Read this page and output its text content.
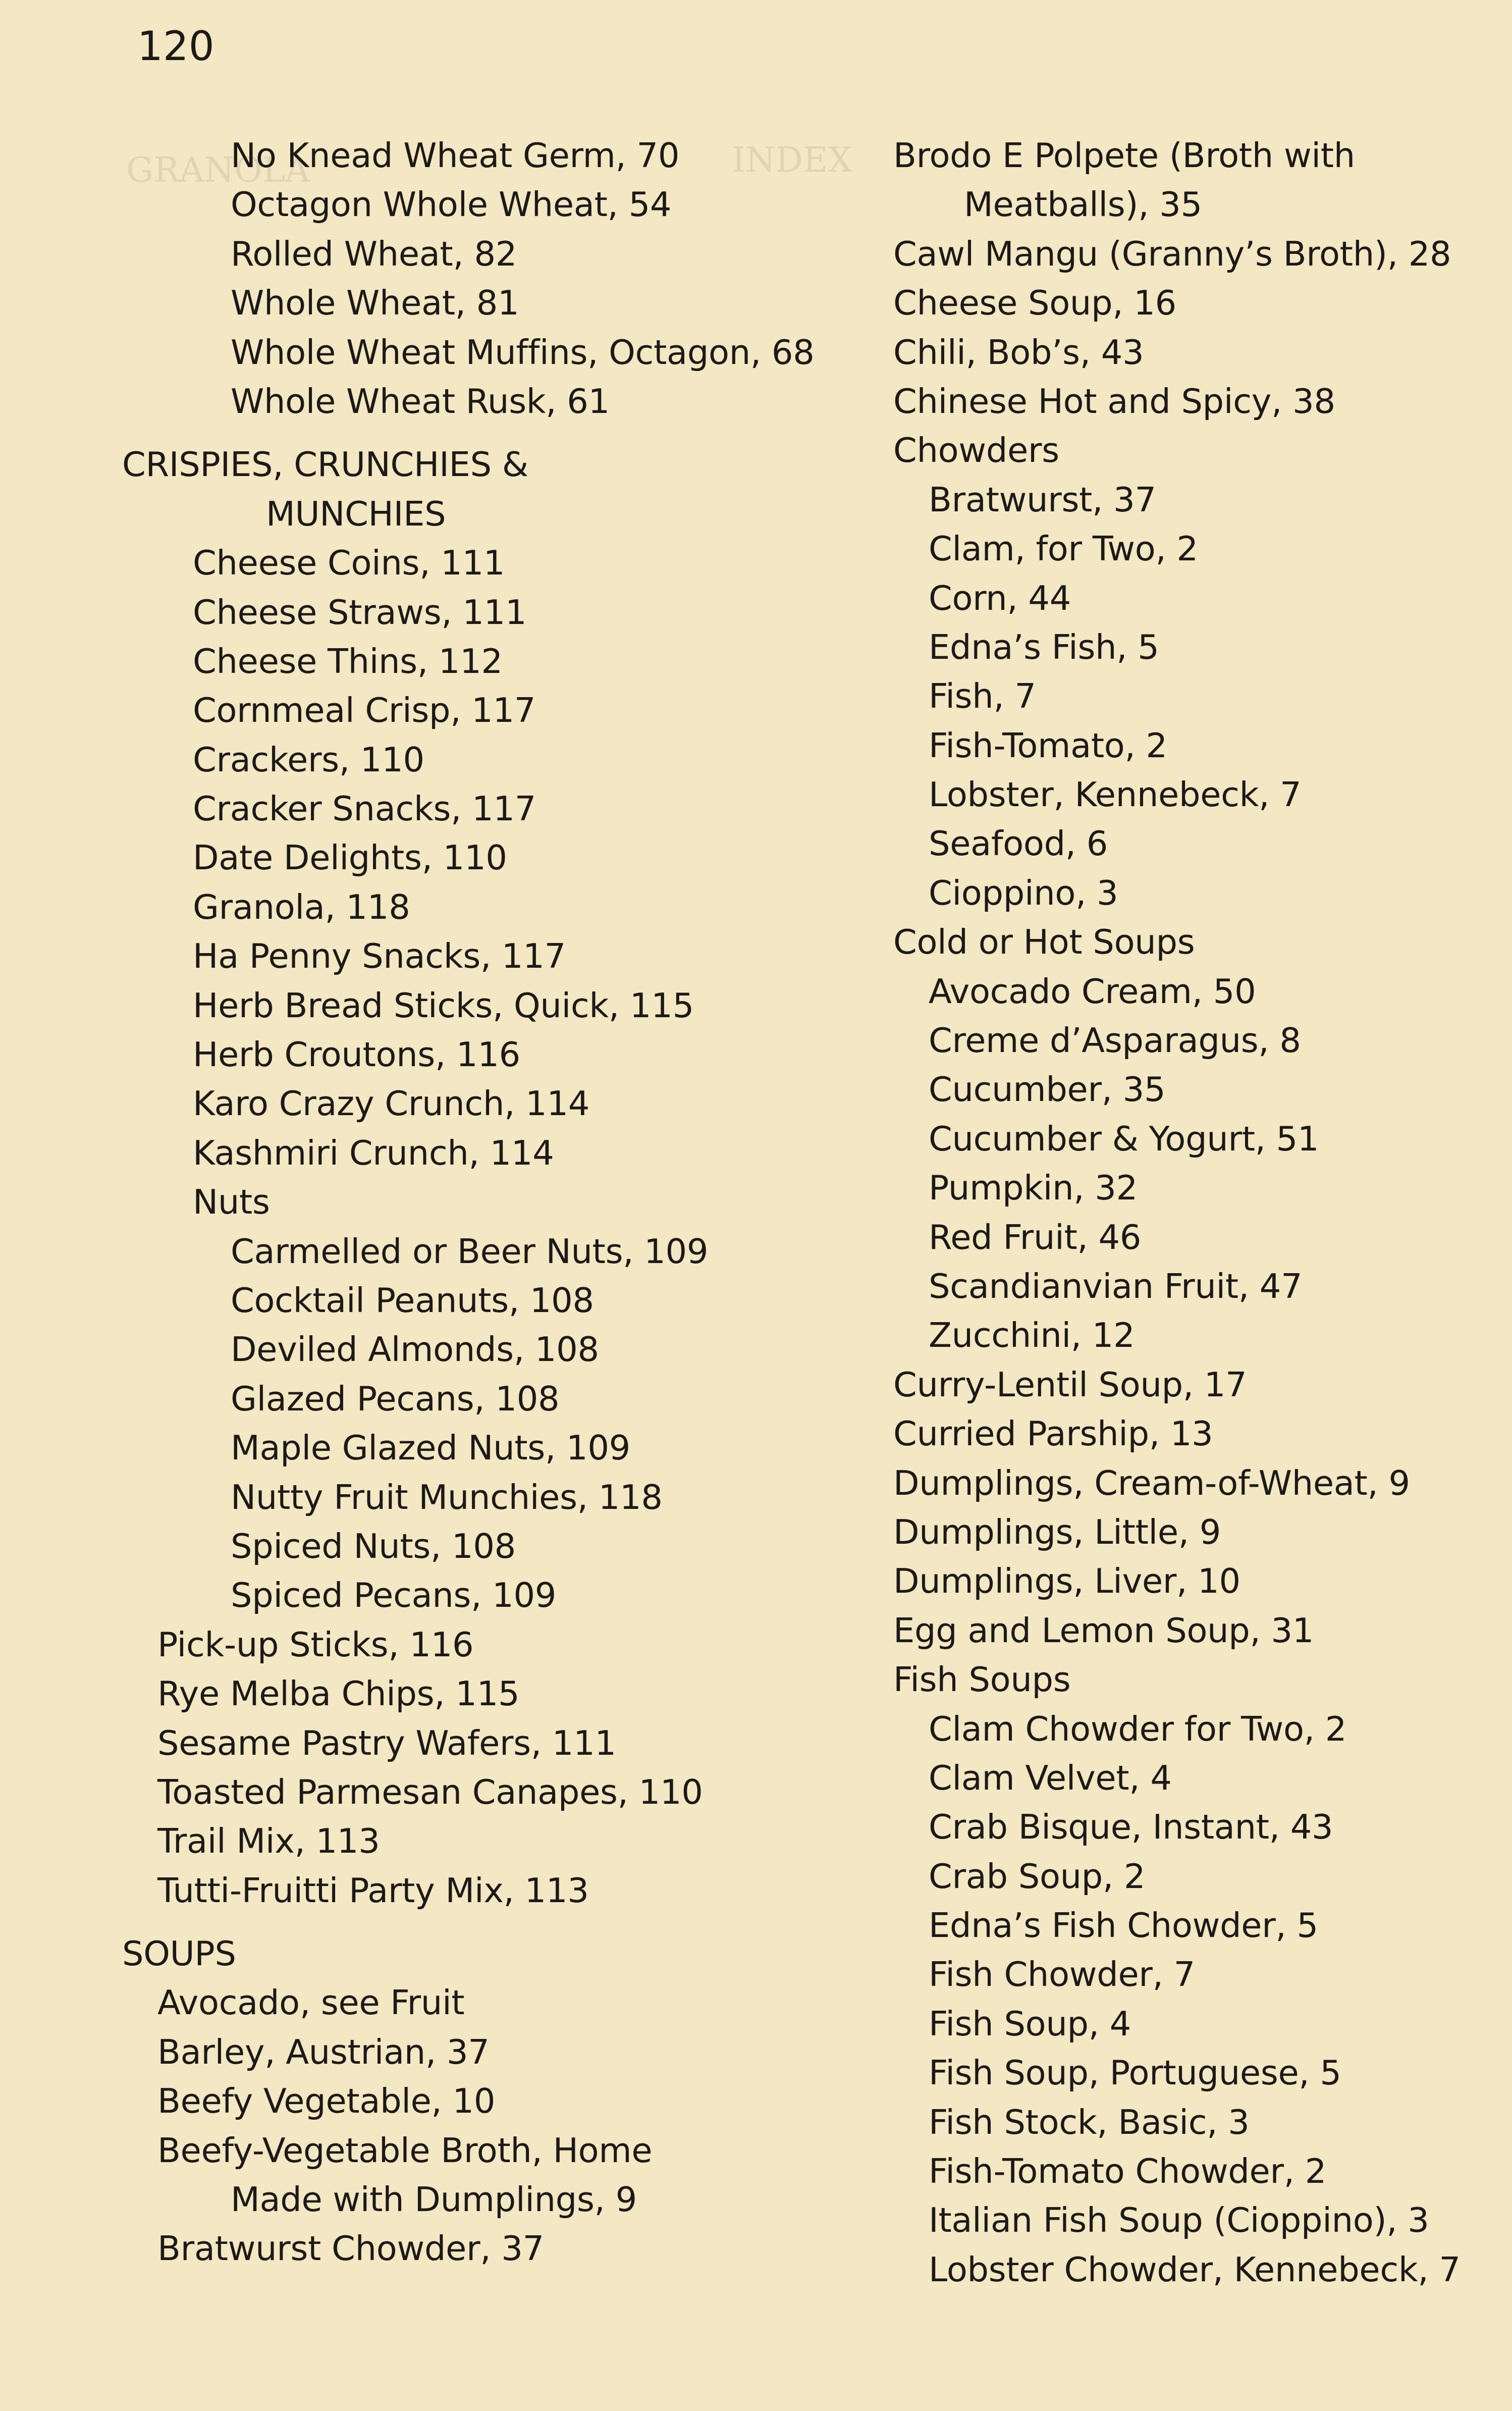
GRANOLA	INDEX
120
No Knead Wheat Germ, 70
Octagon Whole Wheat, 54
Rolled Wheat, 82
Whole Wheat, 81
Whole Wheat Muffins, Octagon, 68
Whole Wheat Rusk, 61
CRISPIES, CRUNCHIES &
MUNCHIES
Cheese Coins, 111
Cheese Straws, 111
Cheese Thins, 112
Cornmeal Crisp, 117
Crackers, 110
Cracker Snacks, 117
Date Delights, 110
Granola, 118
Ha Penny Snacks, 117
Herb Bread Sticks, Quick, 115
Herb Croutons, 116
Karo Crazy Crunch, 114
Kashmiri Crunch, 114
Nuts
Carmelled or Beer Nuts, 109
Cocktail Peanuts, 108
Deviled Almonds, 108
Glazed Pecans, 108
Maple Glazed Nuts, 109
Nutty Fruit Munchies, 118
Spiced Nuts, 108
Spiced Pecans, 109
Pick-up Sticks, 116
Rye Melba Chips, 115
Sesame Pastry Wafers, 111
Toasted Parmesan Canapes, 110
Trail Mix, 113
Tutti-Fruitti Party Mix, 113
SOUPS
Avocado, see Fruit
Barley, Austrian, 37
Beefy Vegetable, 10
Beefy-Vegetable Broth, Home
Made with Dumplings, 9
Bratwurst Chowder, 37
Brodo E Polpete (Broth with
Meatballs), 35
Cawl Mangu (Granny’s Broth), 28
Cheese Soup, 16
Chili, Bob’s, 43
Chinese Hot and Spicy, 38
Chowders
Bratwurst, 37
Clam, for Two, 2
Corn, 44
Edna’s Fish, 5
Fish, 7
Fish-Tomato, 2
Lobster, Kennebeck, 7
Seafood, 6
Cioppino, 3
Cold or Hot Soups
Avocado Cream, 50
Creme d’Asparagus, 8
Cucumber, 35
Cucumber & Yogurt, 51
Pumpkin, 32
Red Fruit, 46
Scandianvian Fruit, 47
Zucchini, 12
Curry-Lentil Soup, 17
Curried Parship, 13
Dumplings, Cream-of-Wheat, 9
Dumplings, Little, 9
Dumplings, Liver, 10
Egg and Lemon Soup, 31
Fish Soups
Clam Chowder for Two, 2
Clam Velvet, 4
Crab Bisque, Instant, 43
Crab Soup, 2
Edna’s Fish Chowder, 5
Fish Chowder, 7
Fish Soup, 4
Fish Soup, Portuguese, 5
Fish Stock, Basic, 3
Fish-Tomato Chowder, 2
Italian Fish Soup (Cioppino), 3
Lobster Chowder, Kennebeck, 7
